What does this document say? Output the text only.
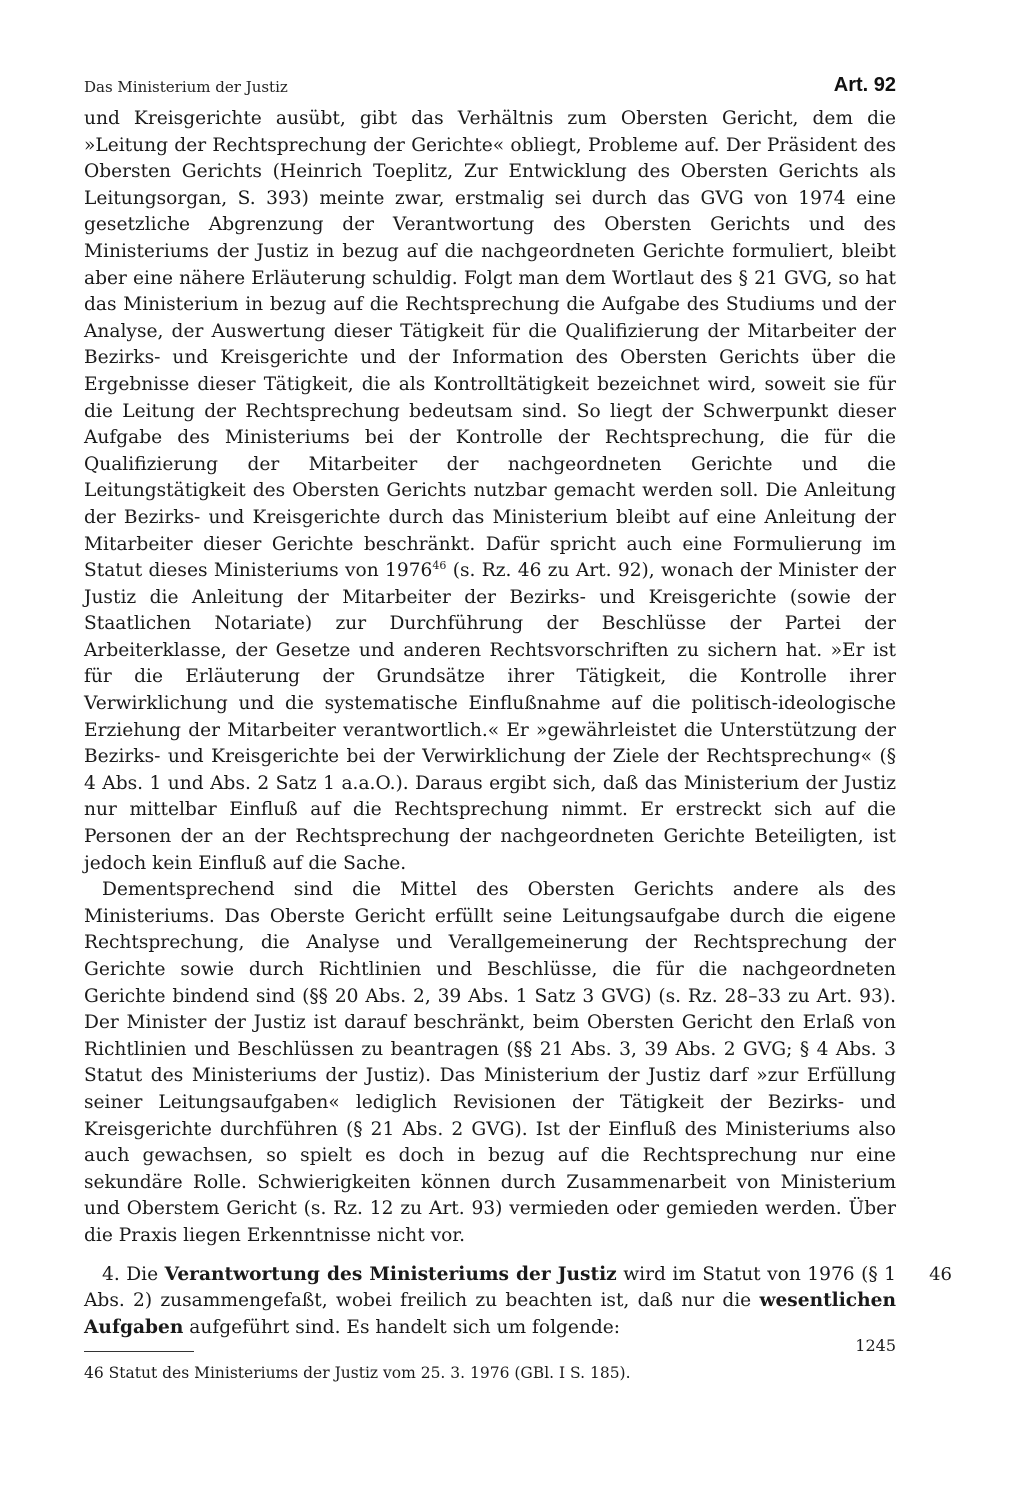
Das Ministerium der Justiz	Art. 92

und Kreisgerichte ausübt, gibt das Verhältnis zum Obersten Gericht, dem die »Leitung der Rechtsprechung der Gerichte« obliegt, Probleme auf. Der Präsident des Obersten Gerichts (Heinrich Toeplitz, Zur Entwicklung des Obersten Gerichts als Leitungsorgan, S. 393) meinte zwar, erstmalig sei durch das GVG von 1974 eine gesetzliche Abgrenzung der Verantwortung des Obersten Gerichts und des Ministeriums der Justiz in bezug auf die nachgeordneten Gerichte formuliert, bleibt aber eine nähere Erläuterung schuldig. Folgt man dem Wortlaut des § 21 GVG, so hat das Ministerium in bezug auf die Rechtsprechung die Aufgabe des Studiums und der Analyse, der Auswertung dieser Tätigkeit für die Qualifizierung der Mitarbeiter der Bezirks- und Kreisgerichte und der Information des Obersten Gerichts über die Ergebnisse dieser Tätigkeit, die als Kontrolltätigkeit bezeichnet wird, soweit sie für die Leitung der Rechtsprechung bedeutsam sind. So liegt der Schwerpunkt dieser Aufgabe des Ministeriums bei der Kontrolle der Rechtsprechung, die für die Qualifizierung der Mitarbeiter der nachgeordneten Gerichte und die Leitungstätigkeit des Obersten Gerichts nutzbar gemacht werden soll. Die Anleitung der Bezirks- und Kreisgerichte durch das Ministerium bleibt auf eine Anleitung der Mitarbeiter dieser Gerichte beschränkt. Dafür spricht auch eine Formulierung im Statut dieses Ministeriums von 1976$^{46}$ (s. Rz. 46 zu Art. 92), wonach der Minister der Justiz die Anleitung der Mitarbeiter der Bezirks- und Kreisgerichte (sowie der Staatlichen Notariate) zur Durchführung der Beschlüsse der Partei der Arbeiterklasse, der Gesetze und anderen Rechtsvorschriften zu sichern hat. »Er ist für die Erläuterung der Grundsätze ihrer Tätigkeit, die Kontrolle ihrer Verwirklichung und die systematische Einflußnahme auf die politisch-ideologische Erziehung der Mitarbeiter verantwortlich.« Er »gewährleistet die Unterstützung der Bezirks- und Kreisgerichte bei der Verwirklichung der Ziele der Rechtsprechung« (§ 4 Abs. 1 und Abs. 2 Satz 1 a.a.O.). Daraus ergibt sich, daß das Ministerium der Justiz nur mittelbar Einfluß auf die Rechtsprechung nimmt. Er erstreckt sich auf die Personen der an der Rechtsprechung der nachgeordneten Gerichte Beteiligten, ist jedoch kein Einfluß auf die Sache.

Dementsprechend sind die Mittel des Obersten Gerichts andere als des Ministeriums. Das Oberste Gericht erfüllt seine Leitungsaufgabe durch die eigene Rechtsprechung, die Analyse und Verallgemeinerung der Rechtsprechung der Gerichte sowie durch Richtlinien und Beschlüsse, die für die nachgeordneten Gerichte bindend sind (§§ 20 Abs. 2, 39 Abs. 1 Satz 3 GVG) (s. Rz. 28–33 zu Art. 93). Der Minister der Justiz ist darauf beschränkt, beim Obersten Gericht den Erlaß von Richtlinien und Beschlüssen zu beantragen (§§ 21 Abs. 3, 39 Abs. 2 GVG; § 4 Abs. 3 Statut des Ministeriums der Justiz). Das Ministerium der Justiz darf »zur Erfüllung seiner Leitungsaufgaben« lediglich Revisionen der Tätigkeit der Bezirks- und Kreisgerichte durchführen (§ 21 Abs. 2 GVG). Ist der Einfluß des Ministeriums also auch gewachsen, so spielt es doch in bezug auf die Rechtsprechung nur eine sekundäre Rolle. Schwierigkeiten können durch Zusammenarbeit von Ministerium und Oberstem Gericht (s. Rz. 12 zu Art. 93) vermieden oder gemieden werden. Über die Praxis liegen Erkenntnisse nicht vor.

46
4. Die Verantwortung des Ministeriums der Justiz wird im Statut von 1976 (§ 1 Abs. 2) zusammengefaßt, wobei freilich zu beachten ist, daß nur die wesentlichen Aufgaben aufgeführt sind. Es handelt sich um folgende:

46 Statut des Ministeriums der Justiz vom 25. 3. 1976 (GBl. I S. 185).
1245
